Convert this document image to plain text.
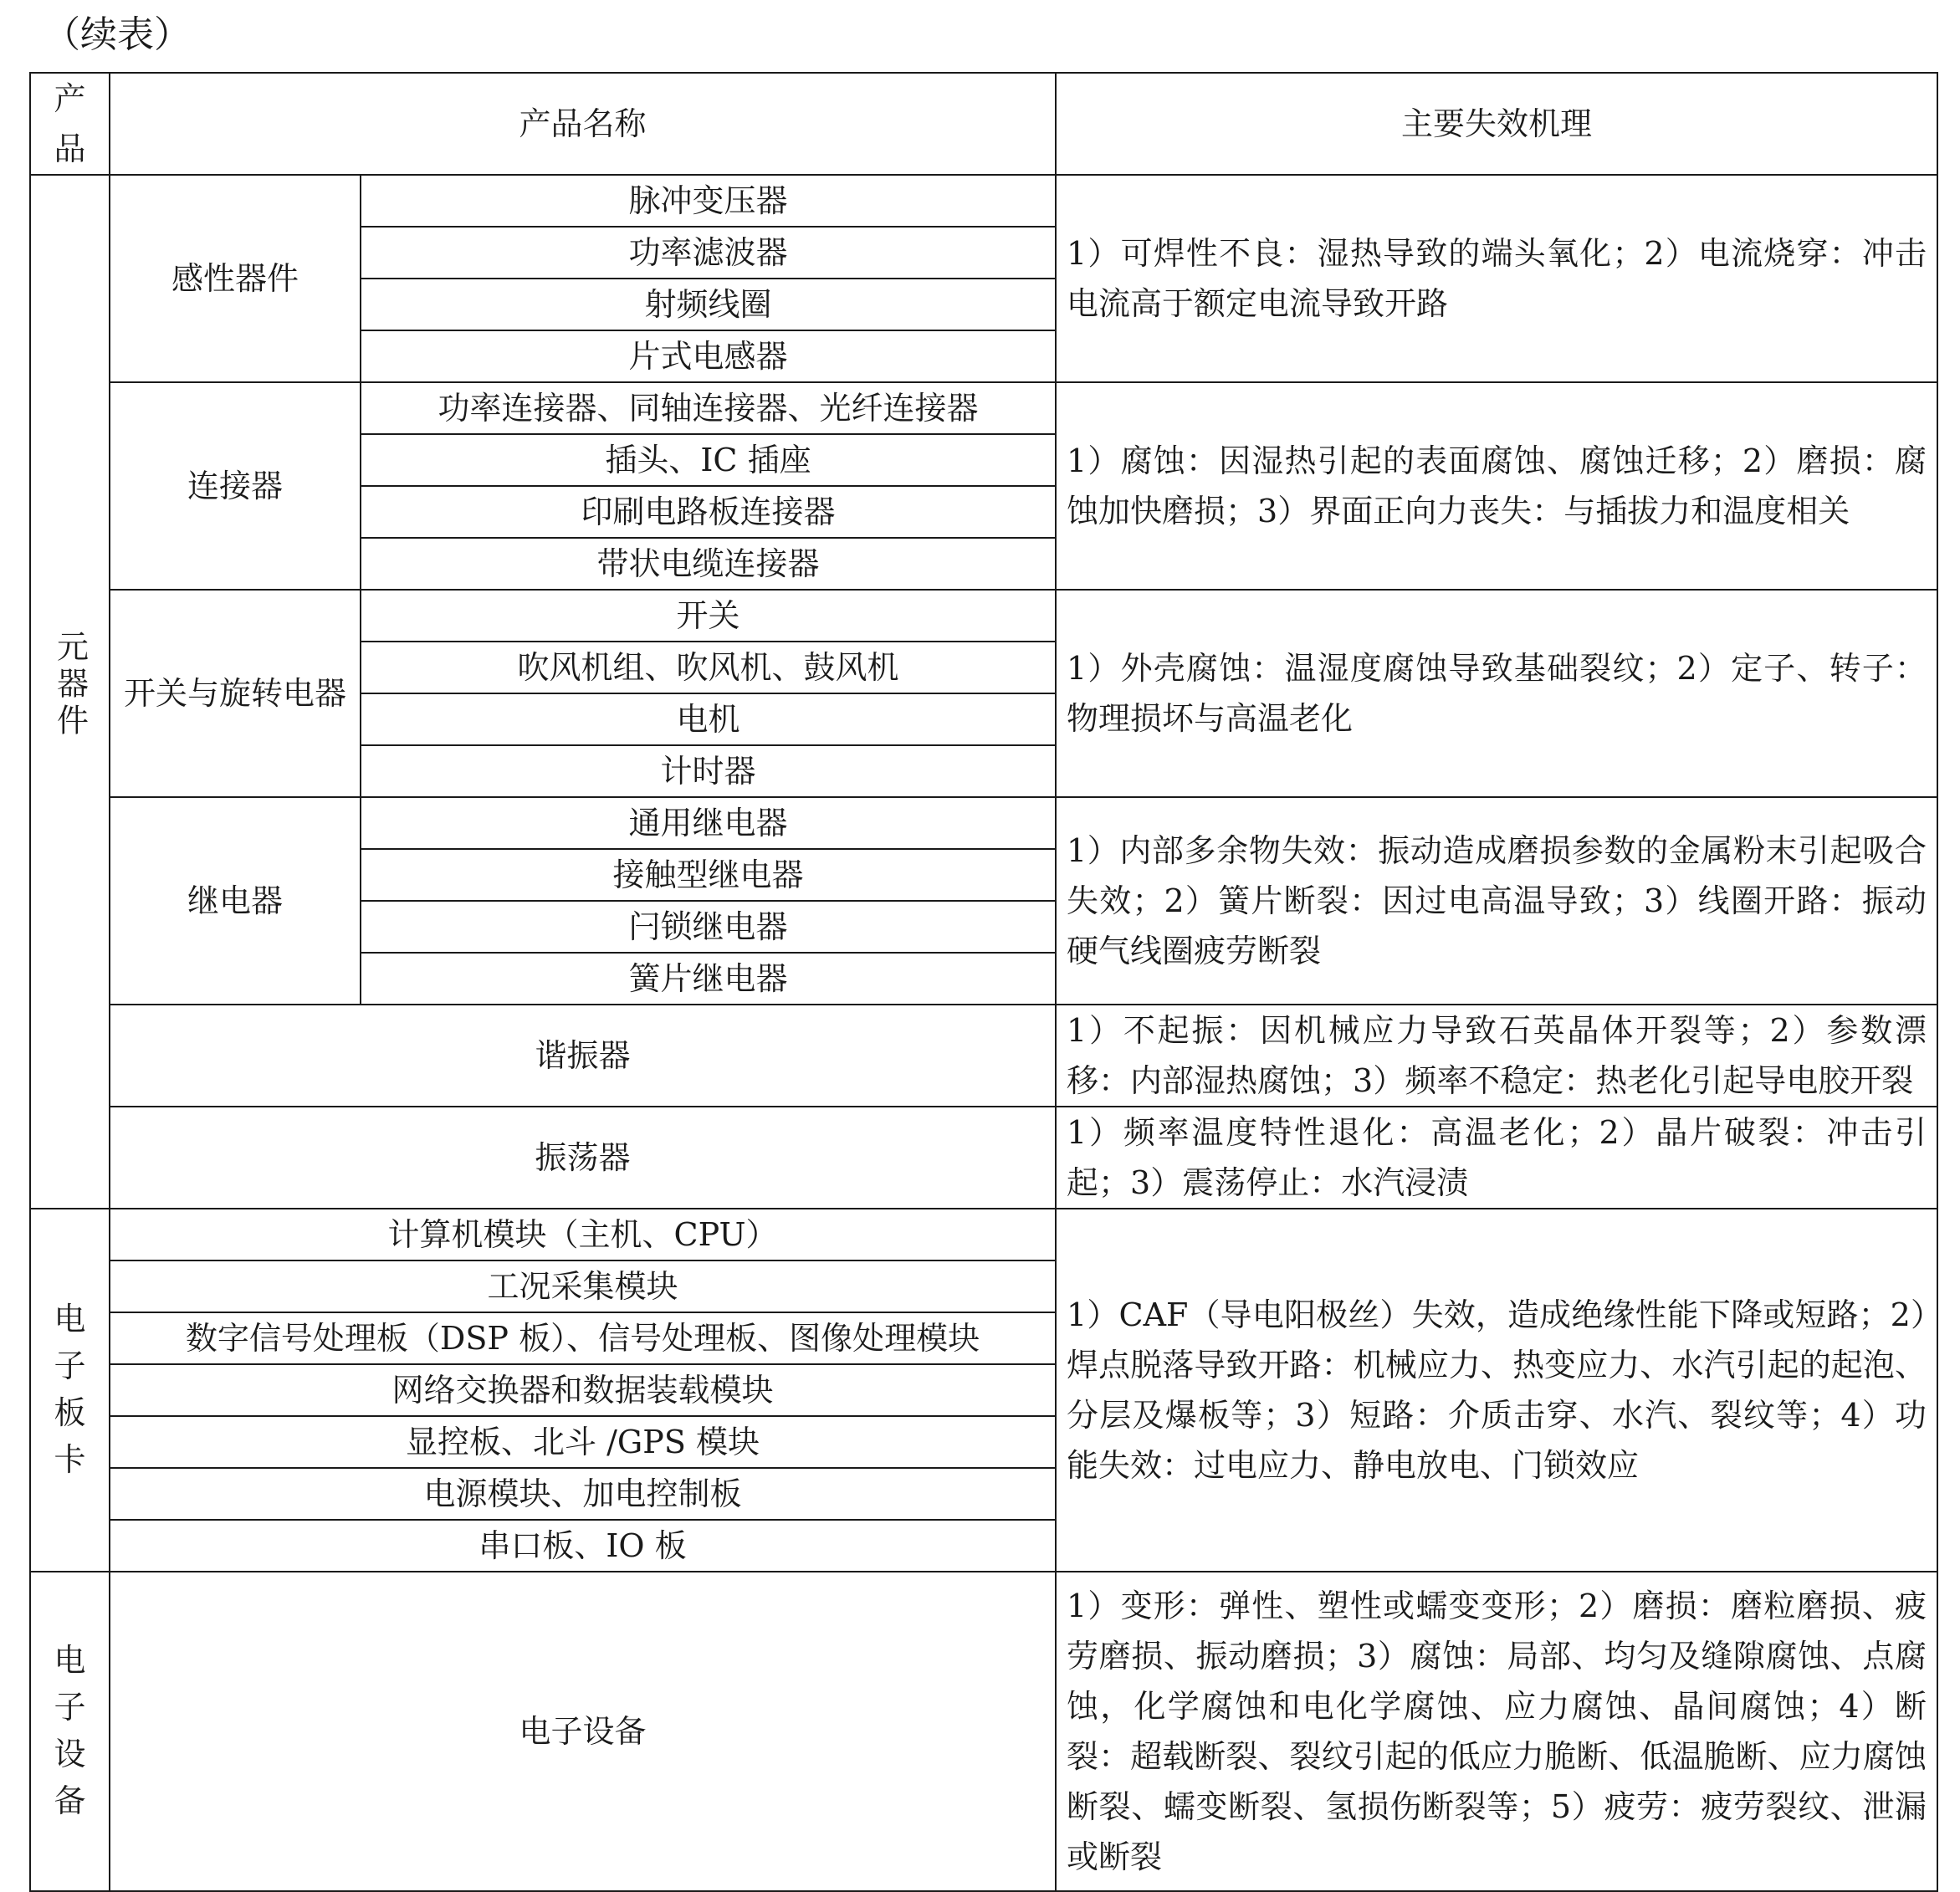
（续表）
产品	产品名称		主要失效机理
元器件	感性器件	脉冲变压器	1）可焊性不良：湿热导致的端头氧化；2）电流烧穿：冲击电流高于额定电流导致开路
		功率滤波器	
		射频线圈	
		片式电感器	
	连接器	功率连接器、同轴连接器、光纤连接器	1）腐蚀：因湿热引起的表面腐蚀、腐蚀迁移；2）磨损：腐蚀加快磨损；3）界面正向力丧失：与插拔力和温度相关
		插头、IC 插座	
		印刷电路板连接器	
		带状电缆连接器	
	开关与旋转电器	开关	1）外壳腐蚀：温湿度腐蚀导致基础裂纹；2）定子、转子：物理损坏与高温老化
		吹风机组、吹风机、鼓风机	
		电机	
		计时器	
	继电器	通用继电器	1）内部多余物失效：振动造成磨损参数的金属粉末引起吸合失效；2）簧片断裂：因过电高温导致；3）线圈开路：振动硬气线圈疲劳断裂
		接触型继电器	
		闩锁继电器	
		簧片继电器	
	谐振器		1）不起振：因机械应力导致石英晶体开裂等；2）参数漂移：内部湿热腐蚀；3）频率不稳定：热老化引起导电胶开裂
	振荡器		1）频率温度特性退化：高温老化；2）晶片破裂：冲击引起；3）震荡停止：水汽浸渍
电子板卡	计算机模块（主机、CPU）		1）CAF（导电阳极丝）失效，造成绝缘性能下降或短路；2）焊点脱落导致开路：机械应力、热变应力、水汽引起的起泡、分层及爆板等；3）短路：介质击穿、水汽、裂纹等；4）功能失效：过电应力、静电放电、门锁效应
	工况采集模块		
	数字信号处理板（DSP 板）、信号处理板、图像处理模块		
	网络交换器和数据装载模块		
	显控板、北斗 /GPS 模块		
	电源模块、加电控制板		
	串口板、IO 板		
电子设备	电子设备		1）变形：弹性、塑性或蠕变变形；2）磨损：磨粒磨损、疲劳磨损、振动磨损；3）腐蚀：局部、均匀及缝隙腐蚀、点腐蚀，化学腐蚀和电化学腐蚀、应力腐蚀、晶间腐蚀；4）断裂：超载断裂、裂纹引起的低应力脆断、低温脆断、应力腐蚀断裂、蠕变断裂、氢损伤断裂等；5）疲劳：疲劳裂纹、泄漏或断裂
